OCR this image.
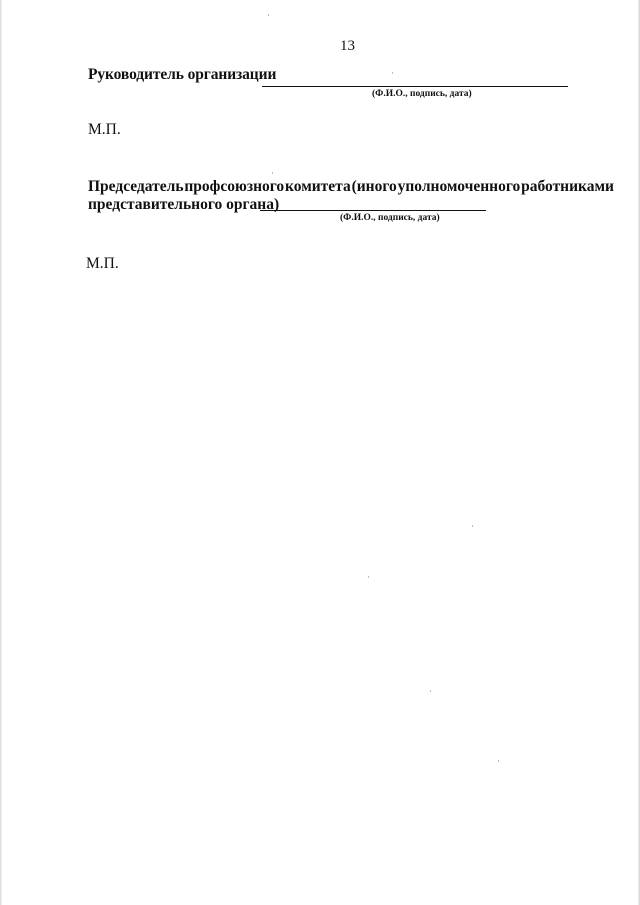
13
Руководитель организации
(Ф.И.О., подпись, дата)
М.П.
Председатель профсоюзного комитета (иного уполномоченного работниками
представительного органа)
(Ф.И.О., подпись, дата)
М.П.
